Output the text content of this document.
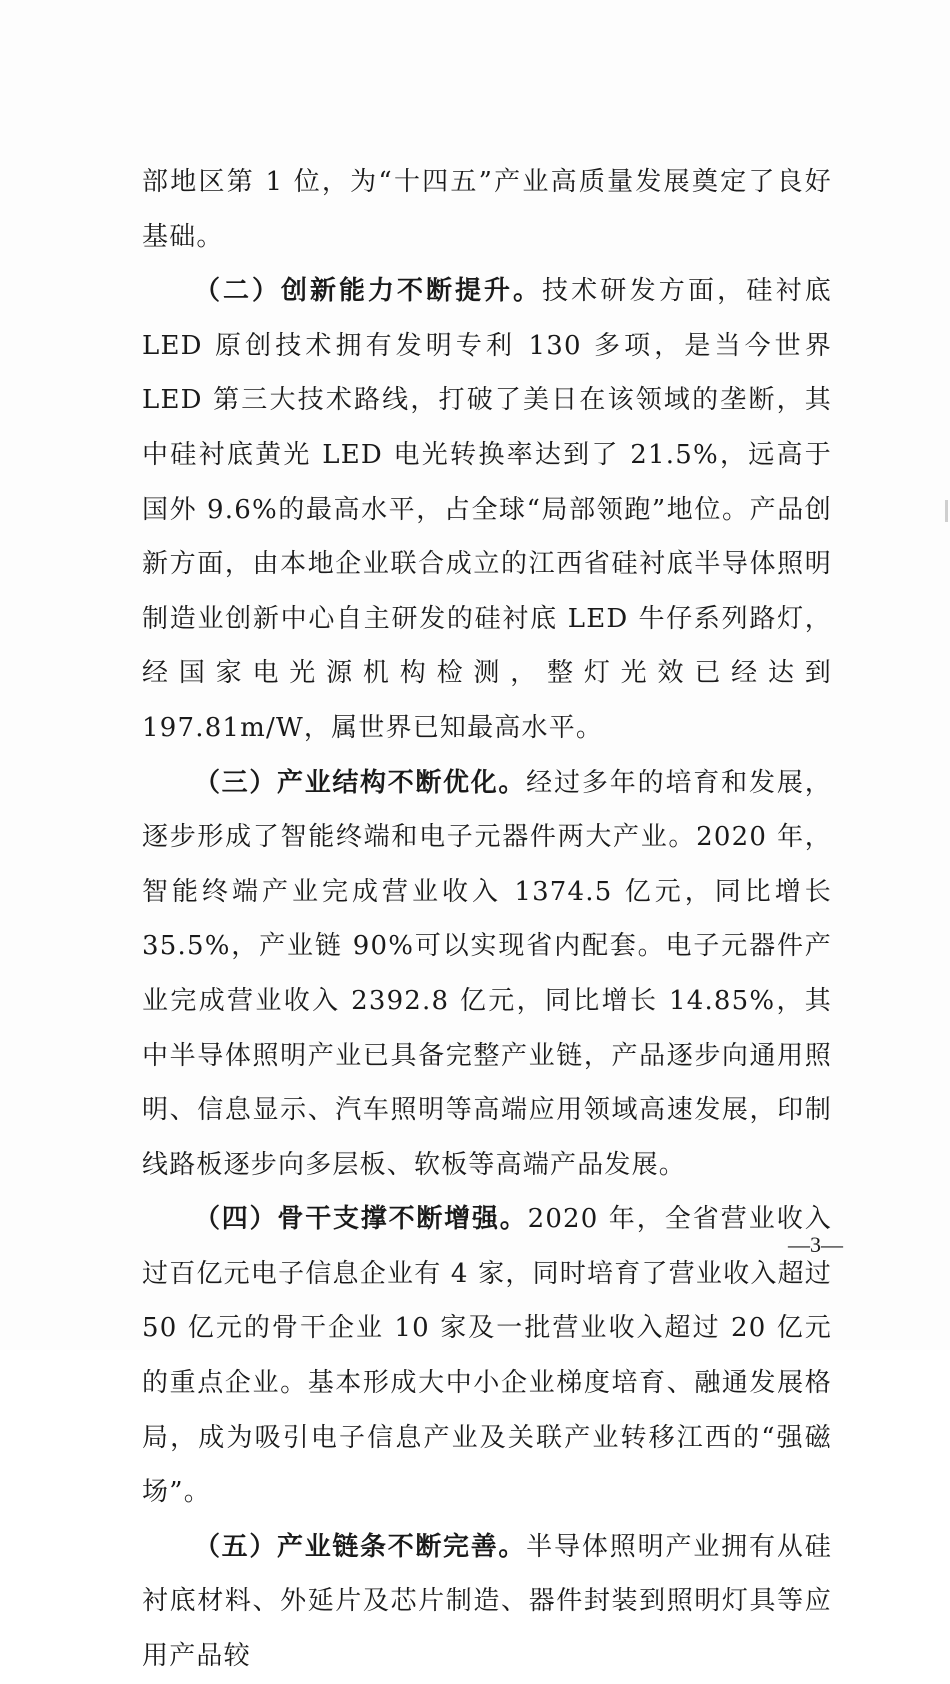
部地区第 1 位，为“十四五”产业高质量发展奠定了良好基础。

（二）创新能力不断提升。技术研发方面，硅衬底 LED 原创技术拥有发明专利 130 多项，是当今世界 LED 第三大技术路线，打破了美日在该领域的垄断，其中硅衬底黄光 LED 电光转换率达到了 21.5%，远高于国外 9.6%的最高水平，占全球“局部领跑”地位。产品创新方面，由本地企业联合成立的江西省硅衬底半导体照明制造业创新中心自主研发的硅衬底 LED 牛仔系列路灯，经国家电光源机构检测，整灯光效已经达到 197.81m/W，属世界已知最高水平。

（三）产业结构不断优化。经过多年的培育和发展，逐步形成了智能终端和电子元器件两大产业。2020 年，智能终端产业完成营业收入 1374.5 亿元，同比增长 35.5%，产业链 90%可以实现省内配套。电子元器件产业完成营业收入 2392.8 亿元，同比增长 14.85%，其中半导体照明产业已具备完整产业链，产品逐步向通用照明、信息显示、汽车照明等高端应用领域高速发展，印制线路板逐步向多层板、软板等高端产品发展。

（四）骨干支撑不断增强。2020 年，全省营业收入过百亿元电子信息企业有 4 家，同时培育了营业收入超过 50 亿元的骨干企业 10 家及一批营业收入超过 20 亿元的重点企业。基本形成大中小企业梯度培育、融通发展格局，成为吸引电子信息产业及关联产业转移江西的“强磁场”。

（五）产业链条不断完善。半导体照明产业拥有从硅衬底材料、外延片及芯片制造、器件封装到照明灯具等应用产品较

—3—
